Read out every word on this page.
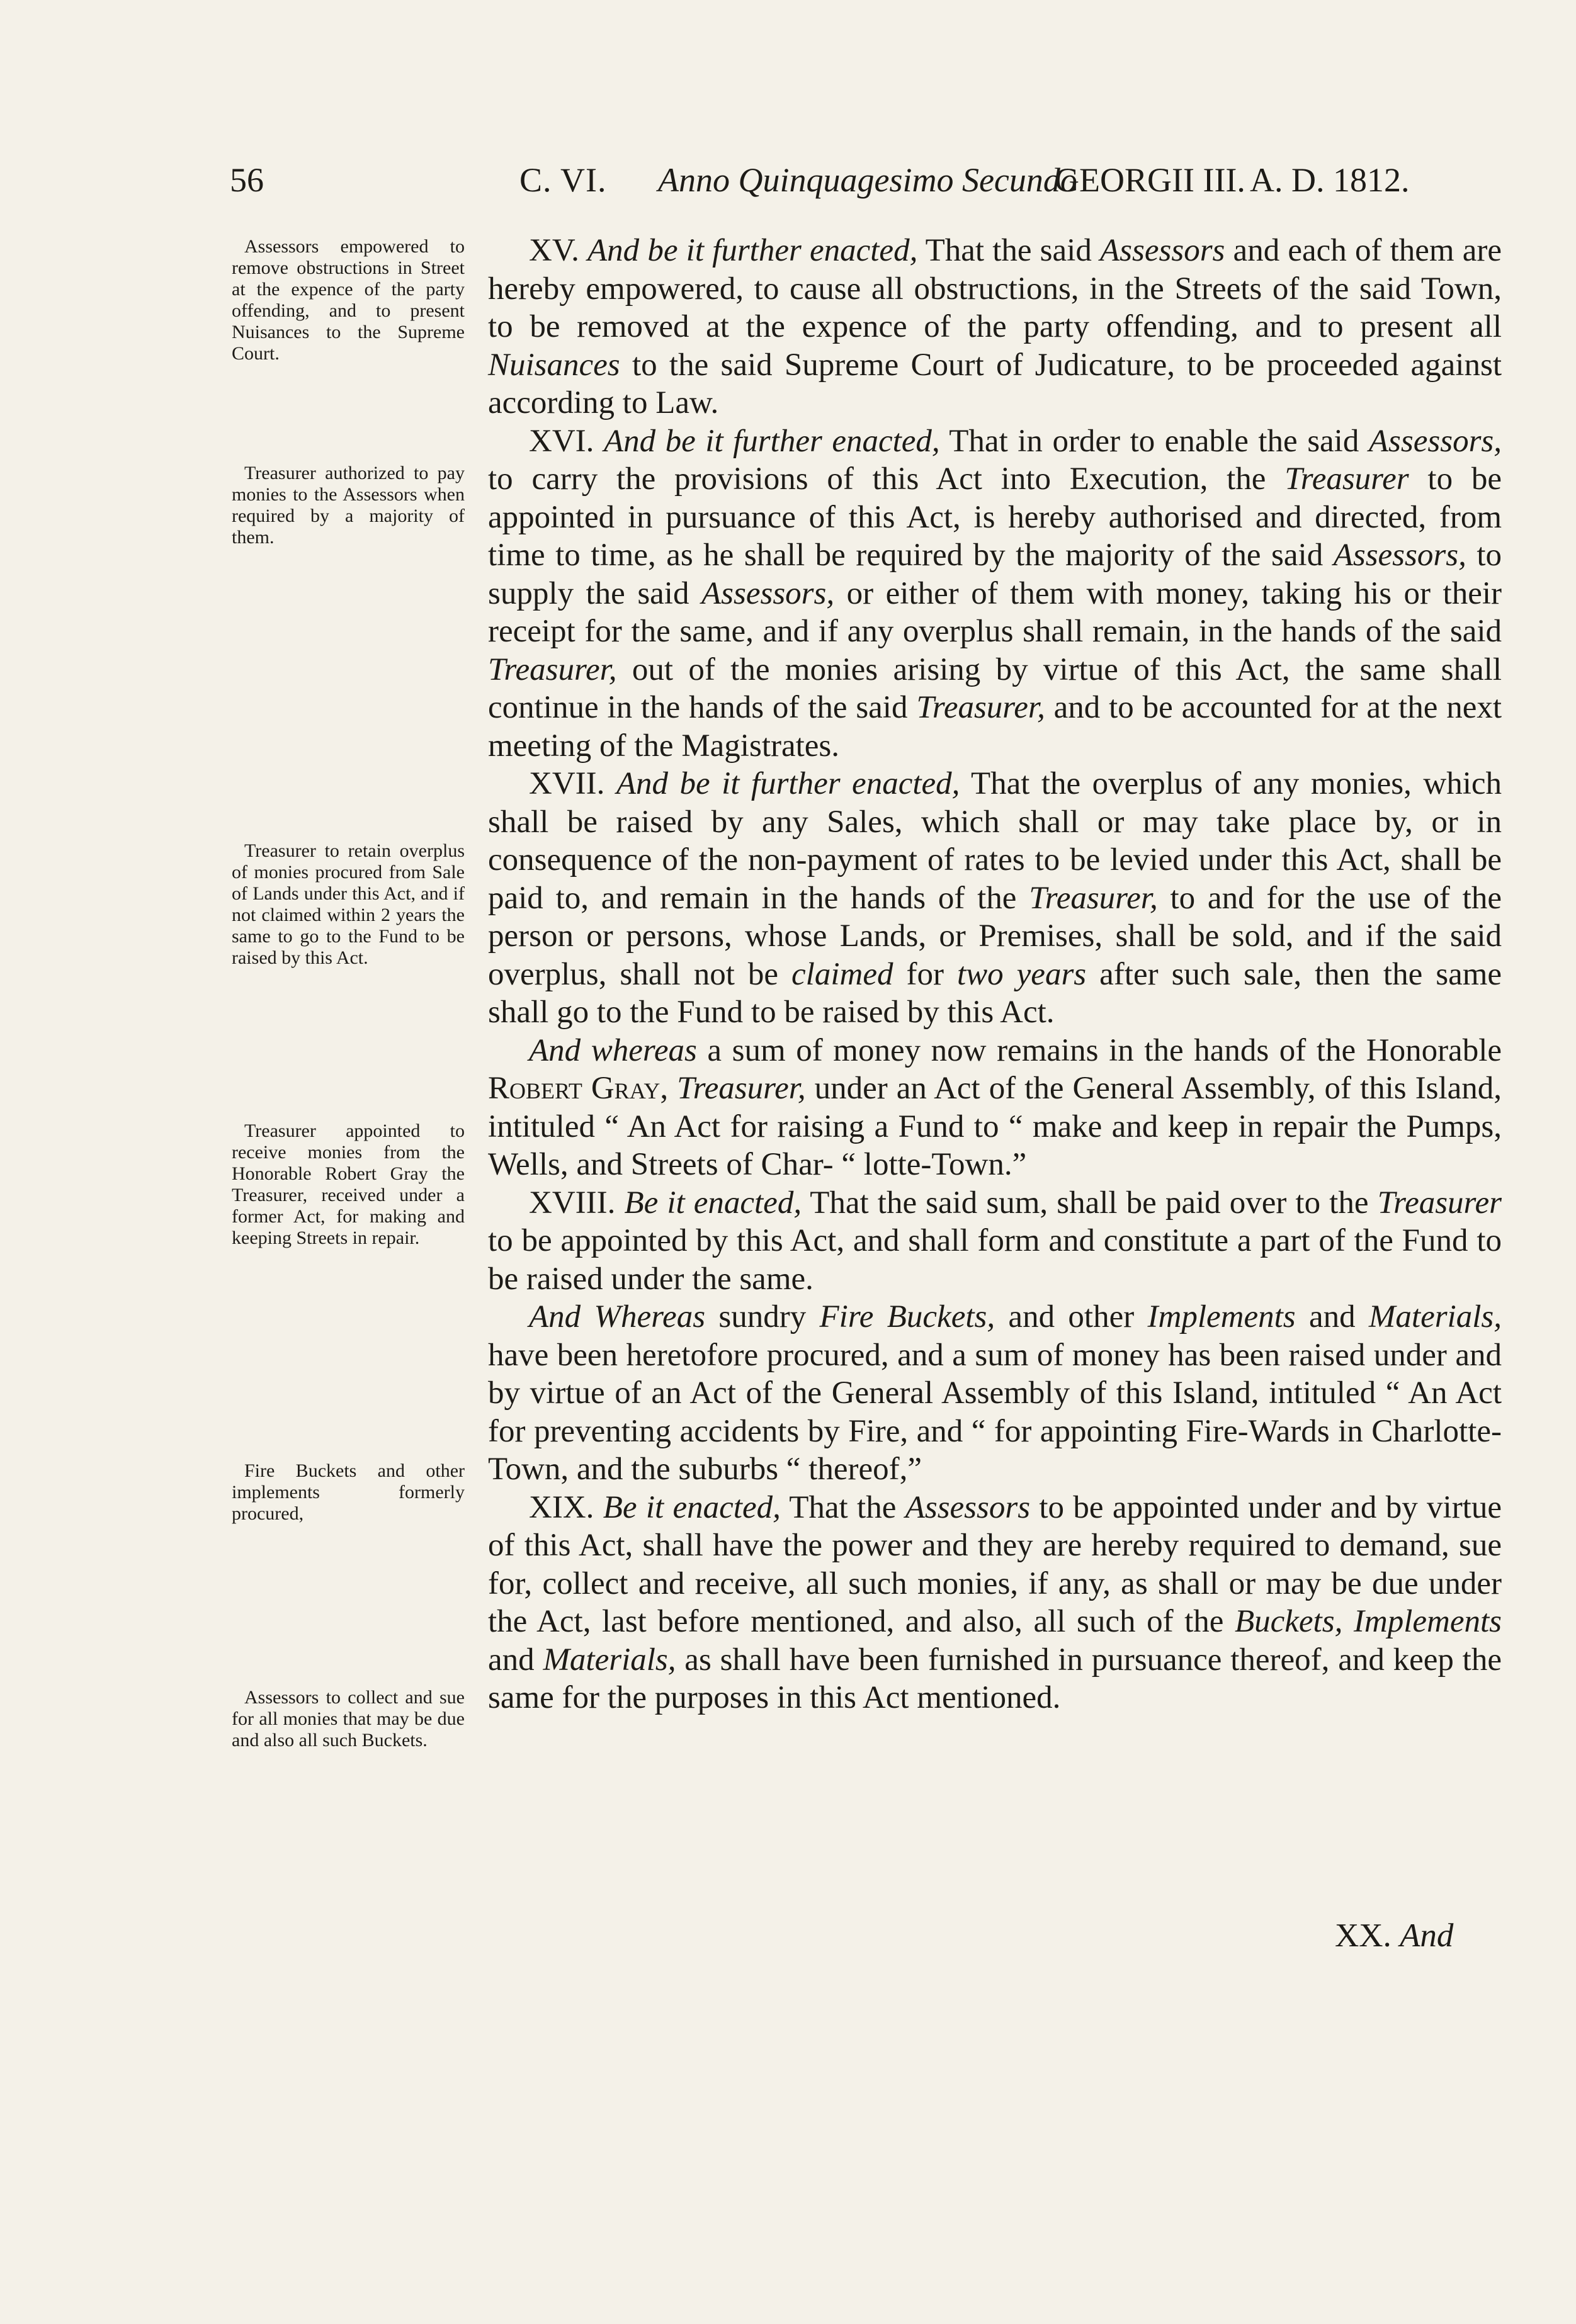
56	C. VI. Anno Quinquagesimo Secundo
GEORGII III. A. D. 1812.
Assessors empowered to remove obstructions in Street at the expence of the party offending, and to present Nuisances to the Supreme Court.
Treasurer authorized to pay monies to the Assessors when required by a majority of them.
Treasurer to retain overplus of monies procured from Sale of Lands under this Act, and if not claimed within 2 years the same to go to the Fund to be raised by this Act.
Treasurer appointed to receive monies from the Honorable Robert Gray the Treasurer, received under a former Act, for making and keeping Streets in repair.
Fire Buckets and other implements formerly procured,
Assessors to collect and sue for all monies that may be due and also all such Buckets.

XV. And be it further enacted, That the said Assessors and each of them are hereby empowered, to cause all obstructions, in the Streets of the said Town, to be removed at the expence of the party offending, and to present all Nuisances to the said Supreme Court of Judicature, to be proceeded against according to Law.

XVI. And be it further enacted, That in order to enable the said Assessors, to carry the provisions of this Act into Execution, the Treasurer to be appointed in pursuance of this Act, is hereby authorised and directed, from time to time, as he shall be required by the majority of the said Assessors, to supply the said Assessors, or either of them with money, taking his or their receipt for the same, and if any overplus shall remain, in the hands of the said Treasurer, out of the monies arising by virtue of this Act, the same shall continue in the hands of the said Treasurer, and to be accounted for at the next meeting of the Magistrates.

XVII. And be it further enacted, That the overplus of any monies, which shall be raised by any Sales, which shall or may take place by, or in consequence of the non-payment of rates to be levied under this Act, shall be paid to, and remain in the hands of the Treasurer, to and for the use of the person or persons, whose Lands, or Premises, shall be sold, and if the said overplus, shall not be claimed for two years after such sale, then the same shall go to the Fund to be raised by this Act.

And whereas a sum of money now remains in the hands of the Honorable Robert Gray, Treasurer, under an Act of the General Assembly, of this Island, intituled “ An Act for raising a Fund to “ make and keep in repair the Pumps, Wells, and Streets of Char- “ lotte-Town.”

XVIII. Be it enacted, That the said sum, shall be paid over to the Treasurer to be appointed by this Act, and shall form and constitute a part of the Fund to be raised under the same.

And Whereas sundry Fire Buckets, and other Implements and Materials, have been heretofore procured, and a sum of money has been raised under and by virtue of an Act of the General Assembly of this Island, intituled “ An Act for preventing accidents by Fire, and “ for appointing Fire-Wards in Charlotte-Town, and the suburbs “ thereof,”

XIX. Be it enacted, That the Assessors to be appointed under and by virtue of this Act, shall have the power and they are hereby required to demand, sue for, collect and receive, all such monies, if any, as shall or may be due under the Act, last before mentioned, and also, all such of the Buckets, Implements and Materials, as shall have been furnished in pursuance thereof, and keep the same for the purposes in this Act mentioned.

XX. And
